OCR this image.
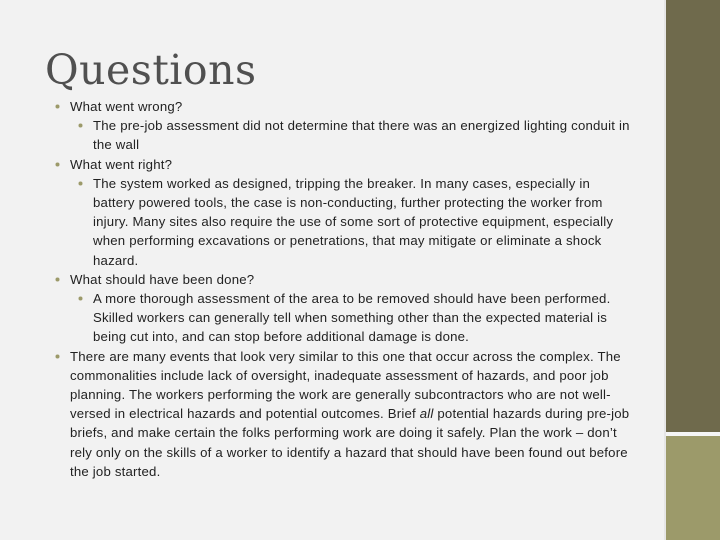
Questions

What went wrong?

The pre-job assessment did not determine that there was an energized lighting conduit in the wall

What went right?

The system worked as designed, tripping the breaker. In many cases, especially in battery powered tools, the case is non-conducting, further protecting the worker from injury. Many sites also require the use of some sort of protective equipment, especially when performing excavations or penetrations, that may mitigate or eliminate a shock hazard.

What should have been done?

A more thorough assessment of the area to be removed should have been performed. Skilled workers can generally tell when something other than the expected material is being cut into, and can stop before additional damage is done.

There are many events that look very similar to this one that occur across the complex. The commonalities include lack of oversight, inadequate assessment of hazards, and poor job planning. The workers performing the work are generally subcontractors who are not well-versed in electrical hazards and potential outcomes. Brief all potential hazards during pre-job briefs, and make certain the folks performing work are doing it safely. Plan the work – don’t rely only on the skills of a worker to identify a hazard that should have been found out before the job started.
